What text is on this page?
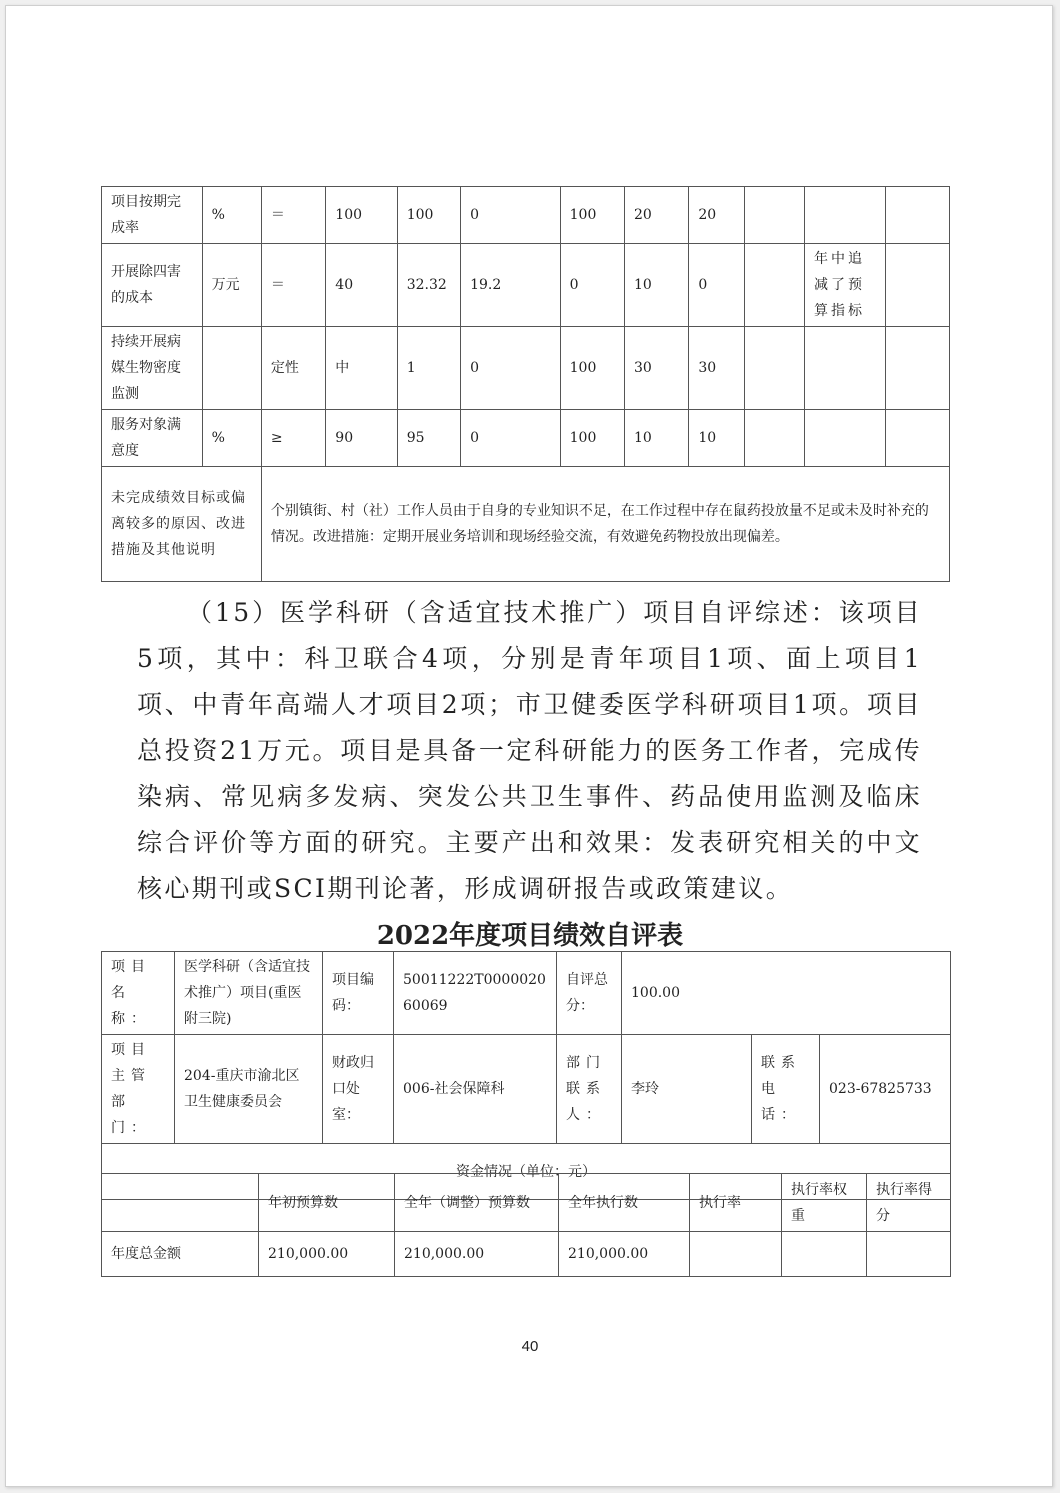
项目按期完成率	%	＝	100	100	0	100	20	20			
开展除四害的成本	万元	＝	40	32.32	19.2	0	10	0		年中追减了预算指标	
持续开展病媒生物密度监测		定性	中	1	0	100	30	30			
服务对象满意度	%	≥	90	95	0	100	10	10			
未完成绩效目标或偏离较多的原因、改进措施及其他说明		个别镇街、村（社）工作人员由于自身的专业知识不足，在工作过程中存在鼠药投放量不足或未及时补充的情况。改进措施：定期开展业务培训和现场经验交流，有效避免药物投放出现偏差。									

（15）医学科研（含适宜技术推广）项目自评综述：该项目5项，其中：科卫联合4项，分别是青年项目1项、面上项目1项、中青年高端人才项目2项；市卫健委医学科研项目1项。项目总投资21万元。项目是具备一定科研能力的医务工作者，完成传染病、常见病多发病、突发公共卫生事件、药品使用监测及临床综合评价等方面的研究。主要产出和效果：发表研究相关的中文核心期刊或SCI期刊论著，形成调研报告或政策建议。

2022年度项目绩效自评表
项目名称：	医学科研（含适宜技术推广）项目(重医附三院)	项目编码：	50011222T000002060069	自评总分：	100.00		
项目主管部门：	204-重庆市渝北区卫生健康委员会	财政归口处室：	006-社会保障科	部门联系人：	李玲	联系电话：	023-67825733
资金情况（单位：元）							
	年初预算数	全年（调整）预算数	全年执行数	执行率	执行率权重	执行率得分
年度总金额	210,000.00	210,000.00	210,000.00			
40
